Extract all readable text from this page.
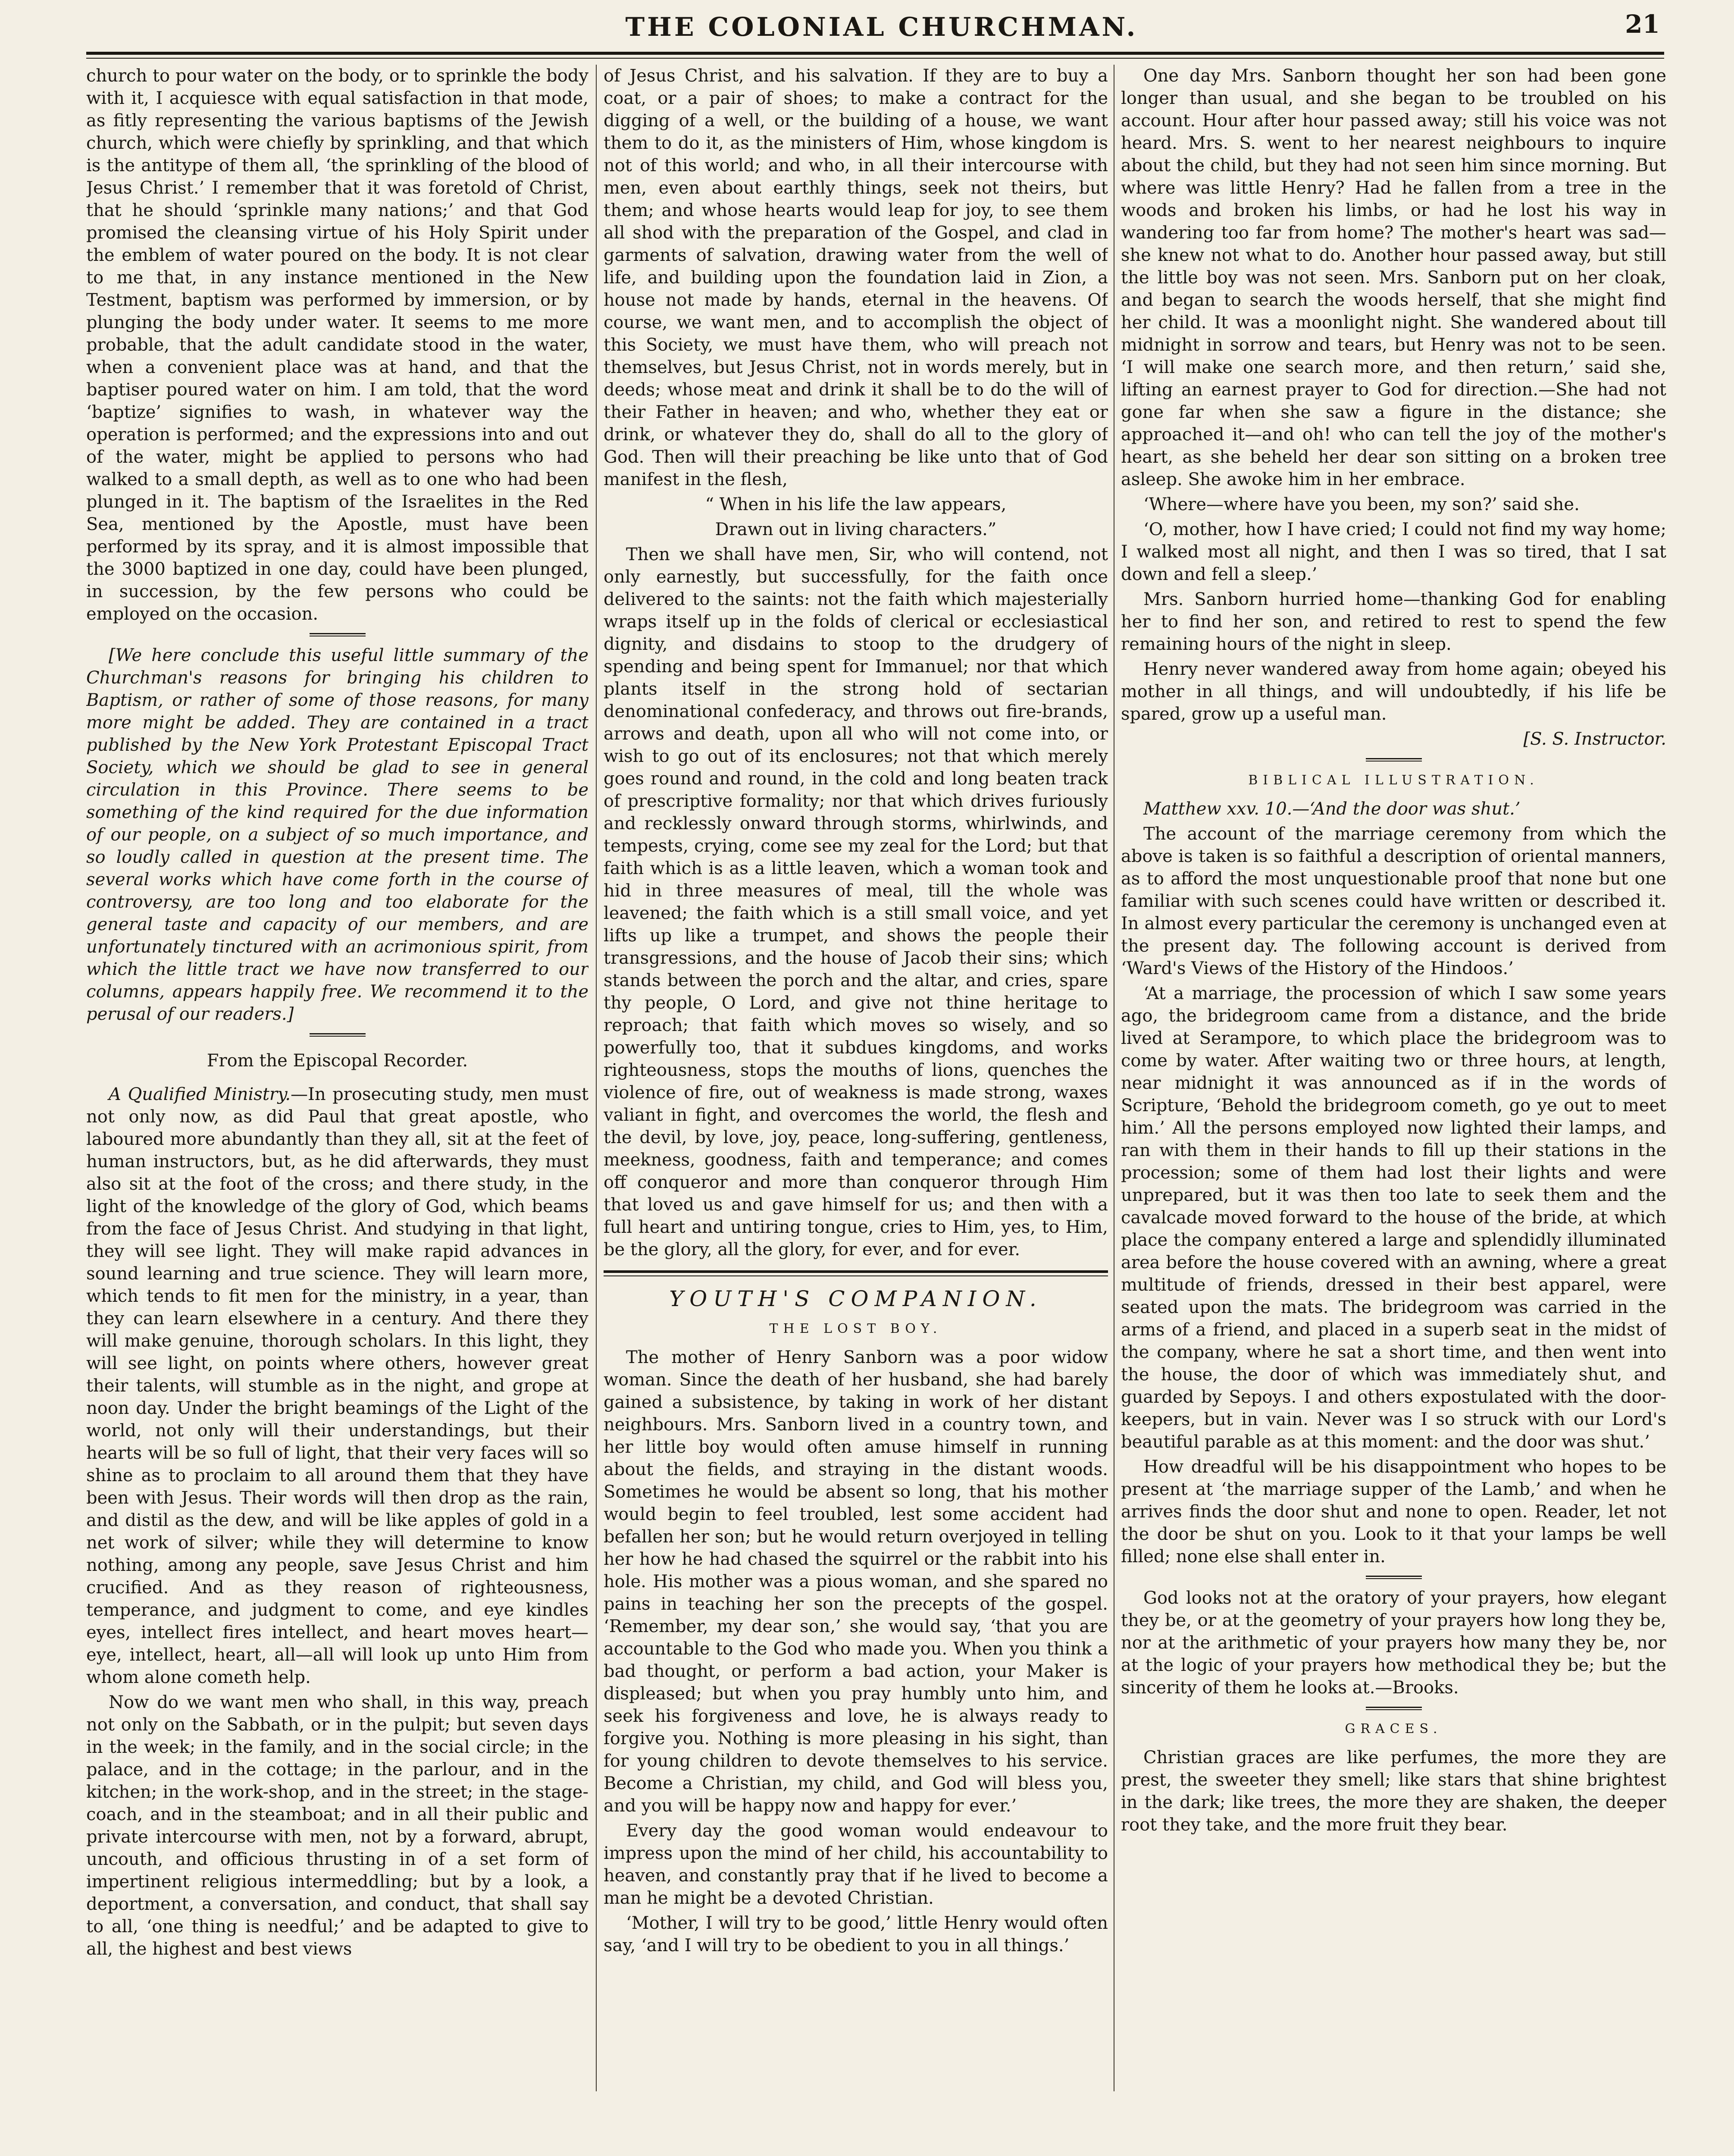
THE COLONIAL CHURCHMAN.	21

church to pour water on the body, or to sprinkle the body with it, I acquiesce with equal satisfaction in that mode, as fitly representing the various baptisms of the Jewish church, which were chiefly by sprinkling, and that which is the antitype of them all, ‘the sprinkling of the blood of Jesus Christ.’ I remember that it was foretold of Christ, that he should ‘sprinkle many nations;’ and that God promised the cleansing virtue of his Holy Spirit under the emblem of water poured on the body. It is not clear to me that, in any instance mentioned in the New Testment, baptism was performed by immersion, or by plunging the body under water. It seems to me more probable, that the adult candidate stood in the water, when a convenient place was at hand, and that the baptiser poured water on him. I am told, that the word ‘baptize’ signifies to wash, in whatever way the operation is performed; and the expressions into and out of the water, might be applied to persons who had walked to a small depth, as well as to one who had been plunged in it. The baptism of the Israelites in the Red Sea, mentioned by the Apostle, must have been performed by its spray, and it is almost impossible that the 3000 baptized in one day, could have been plunged, in succession, by the few persons who could be employed on the occasion.

[We here conclude this useful little summary of the Churchman's reasons for bringing his children to Baptism, or rather of some of those reasons, for many more might be added. They are contained in a tract published by the New York Protestant Episcopal Tract Society, which we should be glad to see in general circulation in this Province. There seems to be something of the kind required for the due information of our people, on a subject of so much importance, and so loudly called in question at the present time. The several works which have come forth in the course of controversy, are too long and too elaborate for the general taste and capacity of our members, and are unfortunately tinctured with an acrimonious spirit, from which the little tract we have now transferred to our columns, appears happily free. We recommend it to the perusal of our readers.]

From the Episcopal Recorder.

A Qualified Ministry.—In prosecuting study, men must not only now, as did Paul that great apostle, who laboured more abundantly than they all, sit at the feet of human instructors, but, as he did afterwards, they must also sit at the foot of the cross; and there study, in the light of the knowledge of the glory of God, which beams from the face of Jesus Christ. And studying in that light, they will see light. They will make rapid advances in sound learning and true science. They will learn more, which tends to fit men for the ministry, in a year, than they can learn elsewhere in a century. And there they will make genuine, thorough scholars. In this light, they will see light, on points where others, however great their talents, will stumble as in the night, and grope at noon day. Under the bright beamings of the Light of the world, not only will their understandings, but their hearts will be so full of light, that their very faces will so shine as to proclaim to all around them that they have been with Jesus. Their words will then drop as the rain, and distil as the dew, and will be like apples of gold in a net work of silver; while they will determine to know nothing, among any people, save Jesus Christ and him crucified. And as they reason of righteousness, temperance, and judgment to come, and eye kindles eyes, intellect fires intellect, and heart moves heart—eye, intellect, heart, all—all will look up unto Him from whom alone cometh help.

Now do we want men who shall, in this way, preach not only on the Sabbath, or in the pulpit; but seven days in the week; in the family, and in the social circle; in the palace, and in the cottage; in the parlour, and in the kitchen; in the work-shop, and in the street; in the stage-coach, and in the steamboat; and in all their public and private intercourse with men, not by a forward, abrupt, uncouth, and officious thrusting in of a set form of impertinent religious intermeddling; but by a look, a deportment, a conversation, and conduct, that shall say to all, ‘one thing is needful;’ and be adapted to give to all, the highest and best views

of Jesus Christ, and his salvation. If they are to buy a coat, or a pair of shoes; to make a contract for the digging of a well, or the building of a house, we want them to do it, as the ministers of Him, whose kingdom is not of this world; and who, in all their intercourse with men, even about earthly things, seek not theirs, but them; and whose hearts would leap for joy, to see them all shod with the preparation of the Gospel, and clad in garments of salvation, drawing water from the well of life, and building upon the foundation laid in Zion, a house not made by hands, eternal in the heavens. Of course, we want men, and to accomplish the object of this Society, we must have them, who will preach not themselves, but Jesus Christ, not in words merely, but in deeds; whose meat and drink it shall be to do the will of their Father in heaven; and who, whether they eat or drink, or whatever they do, shall do all to the glory of God. Then will their preaching be like unto that of God manifest in the flesh,

“ When in his life the law appears,

Drawn out in living characters.”

Then we shall have men, Sir, who will contend, not only earnestly, but successfully, for the faith once delivered to the saints: not the faith which majesterially wraps itself up in the folds of clerical or ecclesiastical dignity, and disdains to stoop to the drudgery of spending and being spent for Immanuel; nor that which plants itself in the strong hold of sectarian denominational confederacy, and throws out fire-brands, arrows and death, upon all who will not come into, or wish to go out of its enclosures; not that which merely goes round and round, in the cold and long beaten track of prescriptive formality; nor that which drives furiously and recklessly onward through storms, whirlwinds, and tempests, crying, come see my zeal for the Lord; but that faith which is as a little leaven, which a woman took and hid in three measures of meal, till the whole was leavened; the faith which is a still small voice, and yet lifts up like a trumpet, and shows the people their transgressions, and the house of Jacob their sins; which stands between the porch and the altar, and cries, spare thy people, O Lord, and give not thine heritage to reproach; that faith which moves so wisely, and so powerfully too, that it subdues kingdoms, and works righteousness, stops the mouths of lions, quenches the violence of fire, out of weakness is made strong, waxes valiant in fight, and overcomes the world, the flesh and the devil, by love, joy, peace, long-suffering, gentleness, meekness, goodness, faith and temperance; and comes off conqueror and more than conqueror through Him that loved us and gave himself for us; and then with a full heart and untiring tongue, cries to Him, yes, to Him, be the glory, all the glory, for ever, and for ever.

YOUTH'S COMPANION.

THE LOST BOY.

The mother of Henry Sanborn was a poor widow woman. Since the death of her husband, she had barely gained a subsistence, by taking in work of her distant neighbours. Mrs. Sanborn lived in a country town, and her little boy would often amuse himself in running about the fields, and straying in the distant woods. Sometimes he would be absent so long, that his mother would begin to feel troubled, lest some accident had befallen her son; but he would return overjoyed in telling her how he had chased the squirrel or the rabbit into his hole. His mother was a pious woman, and she spared no pains in teaching her son the precepts of the gospel. ‘Remember, my dear son,’ she would say, ‘that you are accountable to the God who made you. When you think a bad thought, or perform a bad action, your Maker is displeased; but when you pray humbly unto him, and seek his forgiveness and love, he is always ready to forgive you. Nothing is more pleasing in his sight, than for young children to devote themselves to his service. Become a Christian, my child, and God will bless you, and you will be happy now and happy for ever.’

Every day the good woman would endeavour to impress upon the mind of her child, his accountability to heaven, and constantly pray that if he lived to become a man he might be a devoted Christian.

‘Mother, I will try to be good,’ little Henry would often say, ‘and I will try to be obedient to you in all things.’

One day Mrs. Sanborn thought her son had been gone longer than usual, and she began to be troubled on his account. Hour after hour passed away; still his voice was not heard. Mrs. S. went to her nearest neighbours to inquire about the child, but they had not seen him since morning. But where was little Henry? Had he fallen from a tree in the woods and broken his limbs, or had he lost his way in wandering too far from home? The mother's heart was sad—she knew not what to do. Another hour passed away, but still the little boy was not seen. Mrs. Sanborn put on her cloak, and began to search the woods herself, that she might find her child. It was a moonlight night. She wandered about till midnight in sorrow and tears, but Henry was not to be seen. ‘I will make one search more, and then return,’ said she, lifting an earnest prayer to God for direction.—She had not gone far when she saw a figure in the distance; she approached it—and oh! who can tell the joy of the mother's heart, as she beheld her dear son sitting on a broken tree asleep. She awoke him in her embrace.

‘Where—where have you been, my son?’ said she.

‘O, mother, how I have cried; I could not find my way home; I walked most all night, and then I was so tired, that I sat down and fell a sleep.’

Mrs. Sanborn hurried home—thanking God for enabling her to find her son, and retired to rest to spend the few remaining hours of the night in sleep.

Henry never wandered away from home again; obeyed his mother in all things, and will undoubtedly, if his life be spared, grow up a useful man.

[S. S. Instructor.

BIBLICAL ILLUSTRATION.

Matthew xxv. 10.—‘And the door was shut.’

The account of the marriage ceremony from which the above is taken is so faithful a description of oriental manners, as to afford the most unquestionable proof that none but one familiar with such scenes could have written or described it. In almost every particular the ceremony is unchanged even at the present day. The following account is derived from ‘Ward's Views of the History of the Hindoos.’

‘At a marriage, the procession of which I saw some years ago, the bridegroom came from a distance, and the bride lived at Serampore, to which place the bridegroom was to come by water. After waiting two or three hours, at length, near midnight it was announced as if in the words of Scripture, ‘Behold the bridegroom cometh, go ye out to meet him.’ All the persons employed now lighted their lamps, and ran with them in their hands to fill up their stations in the procession; some of them had lost their lights and were unprepared, but it was then too late to seek them and the cavalcade moved forward to the house of the bride, at which place the company entered a large and splendidly illuminated area before the house covered with an awning, where a great multitude of friends, dressed in their best apparel, were seated upon the mats. The bridegroom was carried in the arms of a friend, and placed in a superb seat in the midst of the company, where he sat a short time, and then went into the house, the door of which was immediately shut, and guarded by Sepoys. I and others expostulated with the door-keepers, but in vain. Never was I so struck with our Lord's beautiful parable as at this moment: and the door was shut.’

How dreadful will be his disappointment who hopes to be present at ‘the marriage supper of the Lamb,’ and when he arrives finds the door shut and none to open. Reader, let not the door be shut on you. Look to it that your lamps be well filled; none else shall enter in.

God looks not at the oratory of your prayers, how elegant they be, or at the geometry of your prayers how long they be, nor at the arithmetic of your prayers how many they be, nor at the logic of your prayers how methodical they be; but the sincerity of them he looks at.—Brooks.

GRACES.

Christian graces are like perfumes, the more they are prest, the sweeter they smell; like stars that shine brightest in the dark; like trees, the more they are shaken, the deeper root they take, and the more fruit they bear.
